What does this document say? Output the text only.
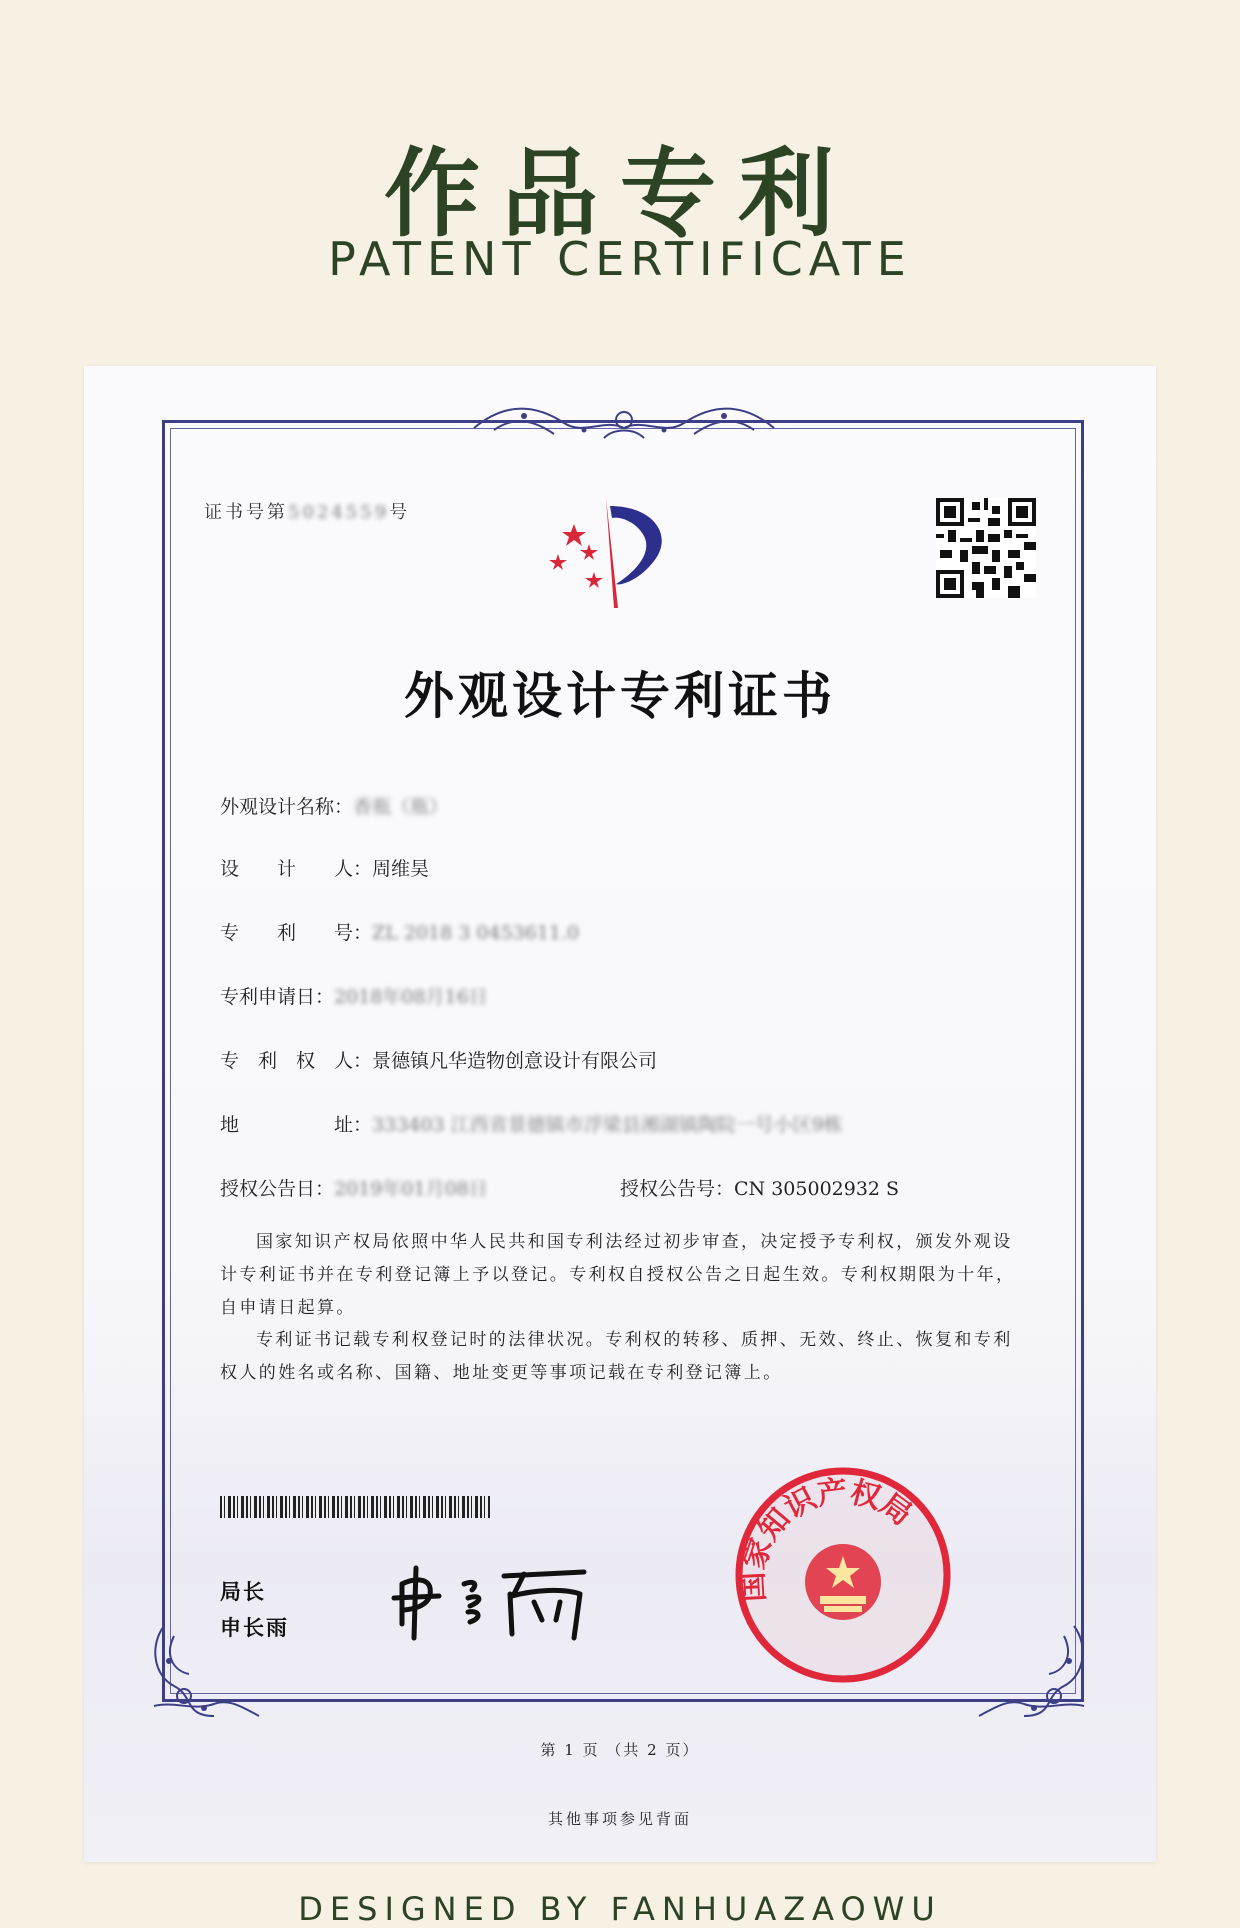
作品专利
PATENT CERTIFICATE
证书号第5024559号
外观设计专利证书
外观设计名称：香瓶（瓶）
设　　计　　人：周维昊
专　　利　　号：ZL 2018 3 0453611.0
专利申请日：2018年08月16日
专　利　权　人：景德镇凡华造物创意设计有限公司
地　　　　　址：333403 江西省景德镇市浮梁县湘湖镇陶院一号小区9栋
授权公告日：2019年01月08日	授权公告号：CN 305002932 S
国家知识产权局依照中华人民共和国专利法经过初步审查，决定授予专利权，颁发外观设计专利证书并在专利登记簿上予以登记。专利权自授权公告之日起生效。专利权期限为十年，自申请日起算。
专利证书记载专利权登记时的法律状况。专利权的转移、质押、无效、终止、恢复和专利权人的姓名或名称、国籍、地址变更等事项记载在专利登记簿上。
局长
申长雨
国家知识产权局
第 1 页 （共 2 页）
其他事项参见背面
DESIGNED BY FANHUAZAOWU
